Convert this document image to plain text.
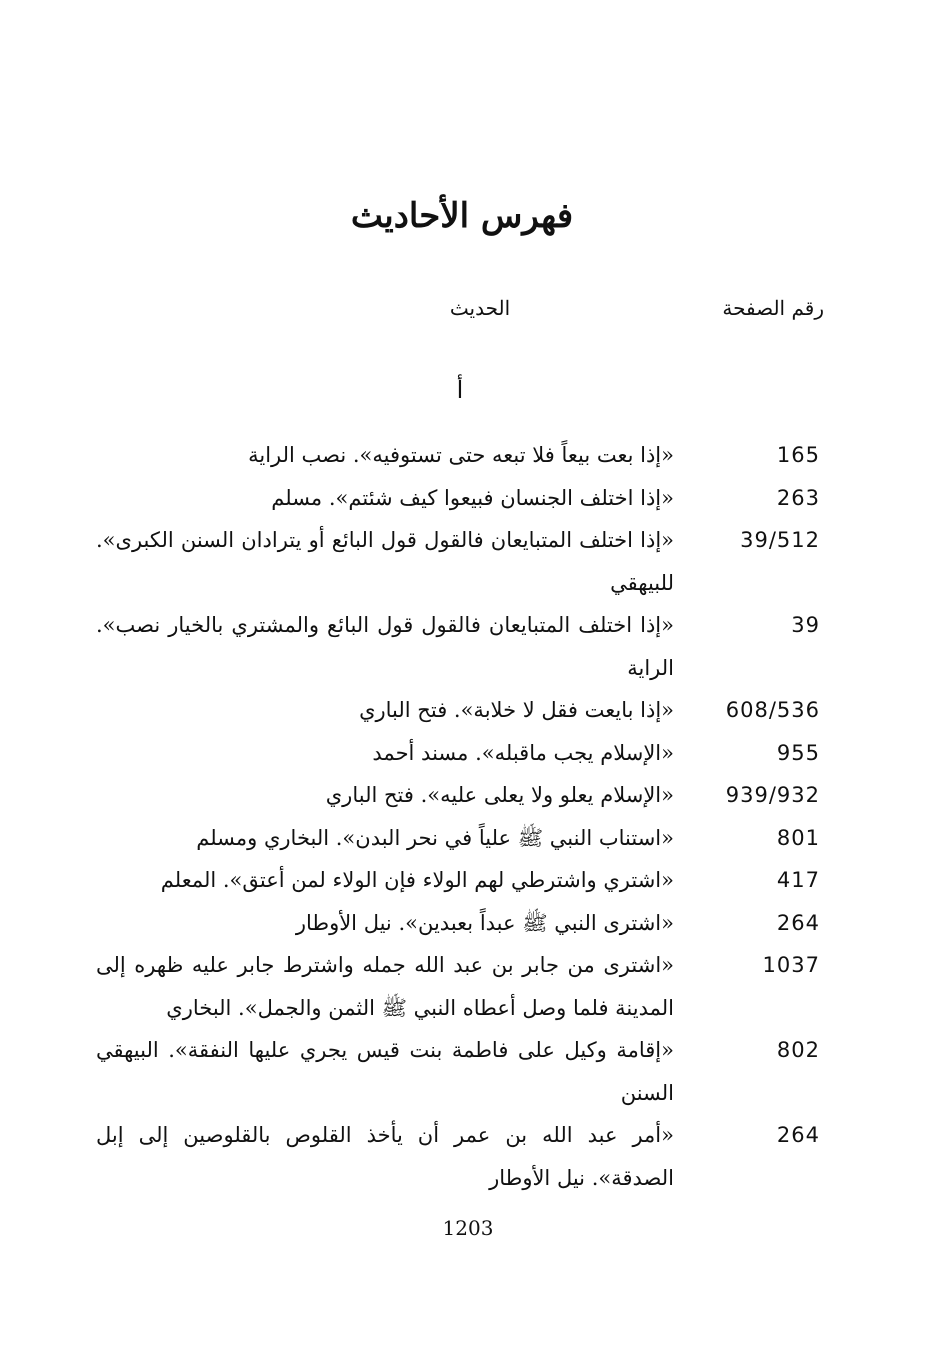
فهرس الأحاديث
رقم الصفحة
الحديث
أ
165
«إذا بعت بيعاً فلا تبعه حتى تستوفيه». نصب الراية
263
«إذا اختلف الجنسان فبيعوا كيف شئتم». مسلم
39/512
«إذا اختلف المتبايعان فالقول قول البائع أو يترادان السنن الكبرى». للبيهقي
39
«إذا اختلف المتبايعان فالقول قول البائع والمشتري بالخيار نصب». الراية
608/536
«إذا بايعت فقل لا خلابة». فتح الباري
955
«الإسلام يجب ماقبله». مسند أحمد
939/932
«الإسلام يعلو ولا يعلى عليه». فتح الباري
801
«استناب النبي ﷺ علياً في نحر البدن». البخاري ومسلم
417
«اشتري واشترطي لهم الولاء فإن الولاء لمن أعتق». المعلم
264
«اشترى النبي ﷺ عبداً بعبدين». نيل الأوطار
1037
«اشترى من جابر بن عبد الله جمله واشترط جابر عليه ظهره إلى المدينة فلما وصل أعطاه النبي ﷺ الثمن والجمل». البخاري
802
«إقامة وكيل على فاطمة بنت قيس يجري عليها النفقة». البيهقي السنن
264
«أمر عبد الله بن عمر أن يأخذ القلوص بالقلوصين إلى إبل الصدقة». نيل الأوطار
1203
